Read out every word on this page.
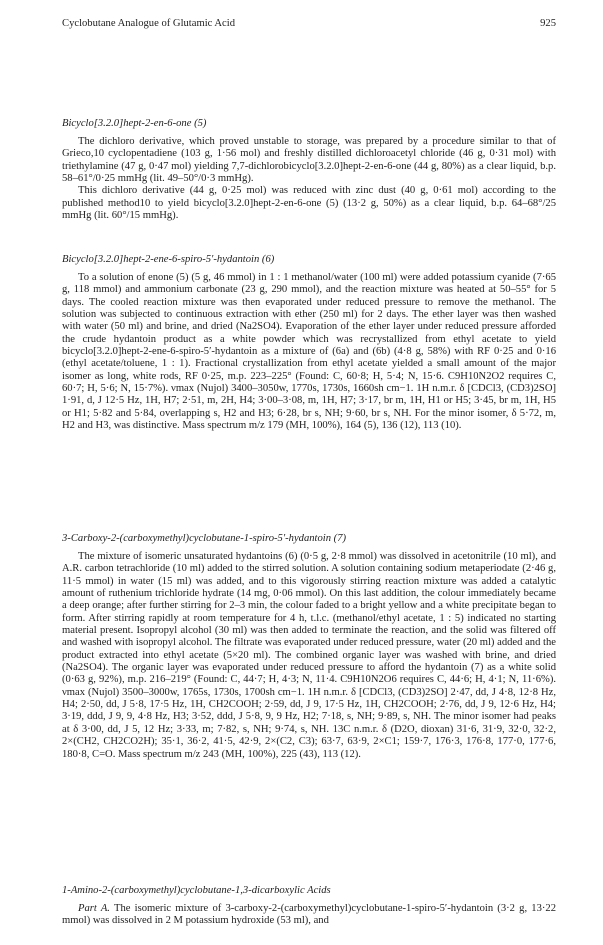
Cyclobutane Analogue of Glutamic Acid	925

Bicyclo[3.2.0]hept-2-en-6-one (5)

The dichloro derivative, which proved unstable to storage, was prepared by a procedure similar to that of Grieco,10 cyclopentadiene (103 g, 1·56 mol) and freshly distilled dichloroacetyl chloride (46 g, 0·31 mol) with triethylamine (47 g, 0·47 mol) yielding 7,7-dichlorobicyclo[3.2.0]hept-2-en-6-one (44 g, 80%) as a clear liquid, b.p. 58–61°/0·25 mmHg (lit. 49–50°/0·3 mmHg).

This dichloro derivative (44 g, 0·25 mol) was reduced with zinc dust (40 g, 0·61 mol) according to the published method10 to yield bicyclo[3.2.0]hept-2-en-6-one (5) (13·2 g, 50%) as a clear liquid, b.p. 64–68°/25 mmHg (lit. 60°/15 mmHg).

Bicyclo[3.2.0]hept-2-ene-6-spiro-5′-hydantoin (6)

To a solution of enone (5) (5 g, 46 mmol) in 1 : 1 methanol/water (100 ml) were added potassium cyanide (7·65 g, 118 mmol) and ammonium carbonate (23 g, 290 mmol), and the reaction mixture was heated at 50–55° for 5 days. The cooled reaction mixture was then evaporated under reduced pressure to remove the methanol. The solution was subjected to continuous extraction with ether (250 ml) for 2 days. The ether layer was then washed with water (50 ml) and brine, and dried (Na2SO4). Evaporation of the ether layer under reduced pressure afforded the crude hydantoin product as a white powder which was recrystallized from ethyl acetate to yield bicyclo[3.2.0]hept-2-ene-6-spiro-5′-hydantoin as a mixture of (6a) and (6b) (4·8 g, 58%) with RF 0·25 and 0·16 (ethyl acetate/toluene, 1 : 1). Fractional crystallization from ethyl acetate yielded a small amount of the major isomer as long, white rods, RF 0·25, m.p. 223–225° (Found: C, 60·8; H, 5·4; N, 15·6. C9H10N2O2 requires C, 60·7; H, 5·6; N, 15·7%). νmax (Nujol) 3400–3050w, 1770s, 1730s, 1660sh cm−1. 1H n.m.r. δ [CDCl3, (CD3)2SO] 1·91, d, J 12·5 Hz, 1H, H7; 2·51, m, 2H, H4; 3·00–3·08, m, 1H, H7; 3·17, br m, 1H, H1 or H5; 3·45, br m, 1H, H5 or H1; 5·82 and 5·84, overlapping s, H2 and H3; 6·28, br s, NH; 9·60, br s, NH. For the minor isomer, δ 5·72, m, H2 and H3, was distinctive. Mass spectrum m/z 179 (MH, 100%), 164 (5), 136 (12), 113 (10).

3-Carboxy-2-(carboxymethyl)cyclobutane-1-spiro-5′-hydantoin (7)

The mixture of isomeric unsaturated hydantoins (6) (0·5 g, 2·8 mmol) was dissolved in acetonitrile (10 ml), and A.R. carbon tetrachloride (10 ml) added to the stirred solution. A solution containing sodium metaperiodate (2·46 g, 11·5 mmol) in water (15 ml) was added, and to this vigorously stirring reaction mixture was added a catalytic amount of ruthenium trichloride hydrate (14 mg, 0·06 mmol). On this last addition, the colour immediately became a deep orange; after further stirring for 2–3 min, the colour faded to a bright yellow and a white precipitate began to form. After stirring rapidly at room temperature for 4 h, t.l.c. (methanol/ethyl acetate, 1 : 5) indicated no starting material present. Isopropyl alcohol (30 ml) was then added to terminate the reaction, and the solid was filtered off and washed with isopropyl alcohol. The filtrate was evaporated under reduced pressure, water (20 ml) added and the product extracted into ethyl acetate (5×20 ml). The combined organic layer was washed with brine, and dried (Na2SO4). The organic layer was evaporated under reduced pressure to afford the hydantoin (7) as a white solid (0·63 g, 92%), m.p. 216–219° (Found: C, 44·7; H, 4·3; N, 11·4. C9H10N2O6 requires C, 44·6; H, 4·1; N, 11·6%). νmax (Nujol) 3500–3000w, 1765s, 1730s, 1700sh cm−1. 1H n.m.r. δ [CDCl3, (CD3)2SO] 2·47, dd, J 4·8, 12·8 Hz, H4; 2·50, dd, J 5·8, 17·5 Hz, 1H, CH2COOH; 2·59, dd, J 9, 17·5 Hz, 1H, CH2COOH; 2·76, dd, J 9, 12·6 Hz, H4; 3·19, ddd, J 9, 9, 4·8 Hz, H3; 3·52, ddd, J 5·8, 9, 9 Hz, H2; 7·18, s, NH; 9·89, s, NH. The minor isomer had peaks at δ 3·00, dd, J 5, 12 Hz; 3·33, m; 7·82, s, NH; 9·74, s, NH. 13C n.m.r. δ (D2O, dioxan) 31·6, 31·9, 32·0, 32·2, 2×(CH2, CH2CO2H); 35·1, 36·2, 41·5, 42·9, 2×(C2, C3); 63·7, 63·9, 2×C1; 159·7, 176·3, 176·8, 177·0, 177·6, 180·8, C=O. Mass spectrum m/z 243 (MH, 100%), 225 (43), 113 (12).

1-Amino-2-(carboxymethyl)cyclobutane-1,3-dicarboxylic Acids

Part A. The isomeric mixture of 3-carboxy-2-(carboxymethyl)cyclobutane-1-spiro-5′-hydantoin (3·2 g, 13·22 mmol) was dissolved in 2 M potassium hydroxide (53 ml), and
